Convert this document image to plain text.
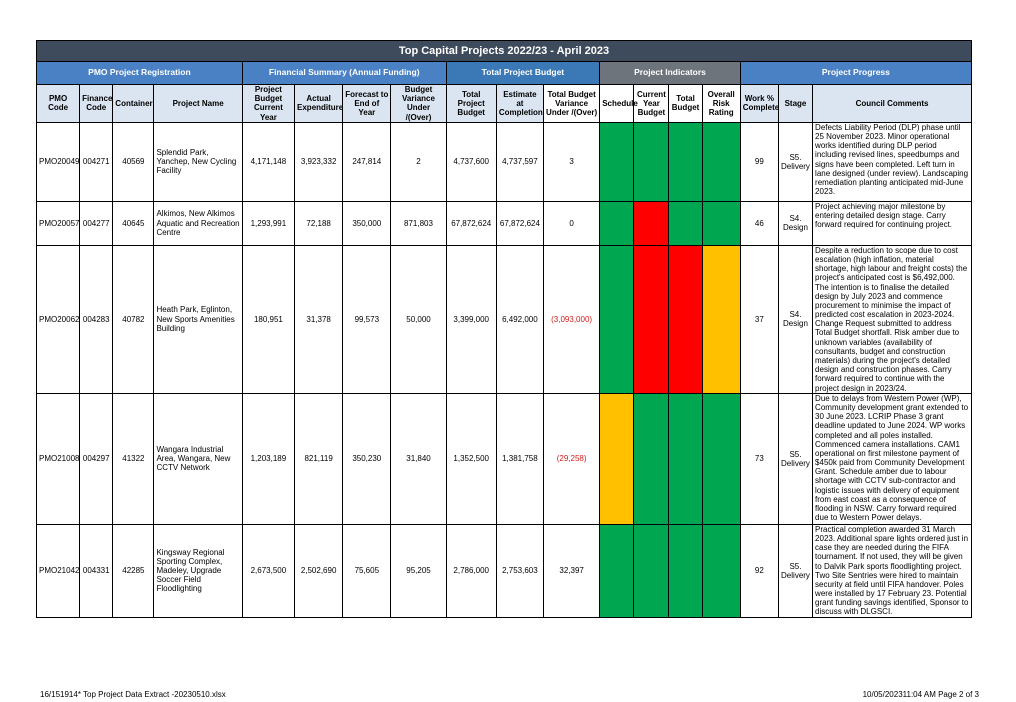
Top Capital Projects 2022/23 - April 2023																	
PMO Project Registration				Financial Summary (Annual Funding)				Total Project Budget			Project Indicators				Project Progress		
PMO Code	Finance Code	Container	Project Name	Project Budget Current Year	Actual Expenditure	Forecast to End of Year	Budget Variance Under /(Over)	Total Project Budget	Estimate at Completion	Total Budget Variance Under /(Over)	Schedule	Current Year Budget	Total Budget	Overall Risk Rating	Work % Complete	Stage	Council Comments
PMO20049	004271	40569	Splendid Park, Yanchep, New Cycling Facility	4,171,148	3,923,332	247,814	2	4,737,600	4,737,597	3					99	S5. Delivery	Defects Liability Period (DLP) phase until 25 November 2023. Minor operational works identified during DLP period including revised lines, speedbumps and signs have been completed. Left turn in lane designed (under review). Landscaping remediation planting anticipated mid-June 2023.
PMO20057	004277	40645	Alkimos, New Alkimos Aquatic and Recreation Centre	1,293,991	72,188	350,000	871,803	67,872,624	67,872,624	0					46	S4. Design	Project achieving major milestone by entering detailed design stage. Carry forward required for continuing project.
PMO20062	004283	40782	Heath Park, Eglinton, New Sports Amenities Building	180,951	31,378	99,573	50,000	3,399,000	6,492,000	(3,093,000)					37	S4. Design	Despite a reduction to scope due to cost escalation (high inflation, material shortage, high labour and freight costs) the project's anticipated cost is $6,492,000. The intention is to finalise the detailed design by July 2023 and commence procurement to minimise the impact of predicted cost escalation in 2023-2024. Change Request submitted to address Total Budget shortfall. Risk amber due to unknown variables (availability of consultants, budget and construction materials) during the project's detailed design and construction phases. Carry forward required to continue with the project design in 2023/24.
PMO21008	004297	41322	Wangara Industrial Area, Wangara, New CCTV Network	1,203,189	821,119	350,230	31,840	1,352,500	1,381,758	(29,258)					73	S5. Delivery	Due to delays from Western Power (WP), Community development grant extended to 30 June 2023. LCRIP Phase 3 grant deadline updated to June 2024. WP works completed and all poles installed. Commenced camera installations. CAM1 operational on first milestone payment of $450k paid from Community Development Grant. Schedule amber due to labour shortage with CCTV sub-contractor and logistic issues with delivery of equipment from east coast as a consequence of flooding in NSW. Carry forward required due to Western Power delays.
PMO21042	004331	42285	Kingsway Regional Sporting Complex, Madeley, Upgrade Soccer Field Floodlighting	2,673,500	2,502,690	75,605	95,205	2,786,000	2,753,603	32,397					92	S5. Delivery	Practical completion awarded 31 March 2023. Additional spare lights ordered just in case they are needed during the FIFA tournament. If not used, they will be given to Dalvik Park sports floodlighting project. Two Site Sentries were hired to maintain security at field until FIFA handover. Poles were installed by 17 February 23. Potential grant funding savings identified, Sponsor to discuss with DLGSCI.
16/151914* Top Project Data Extract -20230510.xlsx	10/05/202311:04 AM Page 2 of 3
